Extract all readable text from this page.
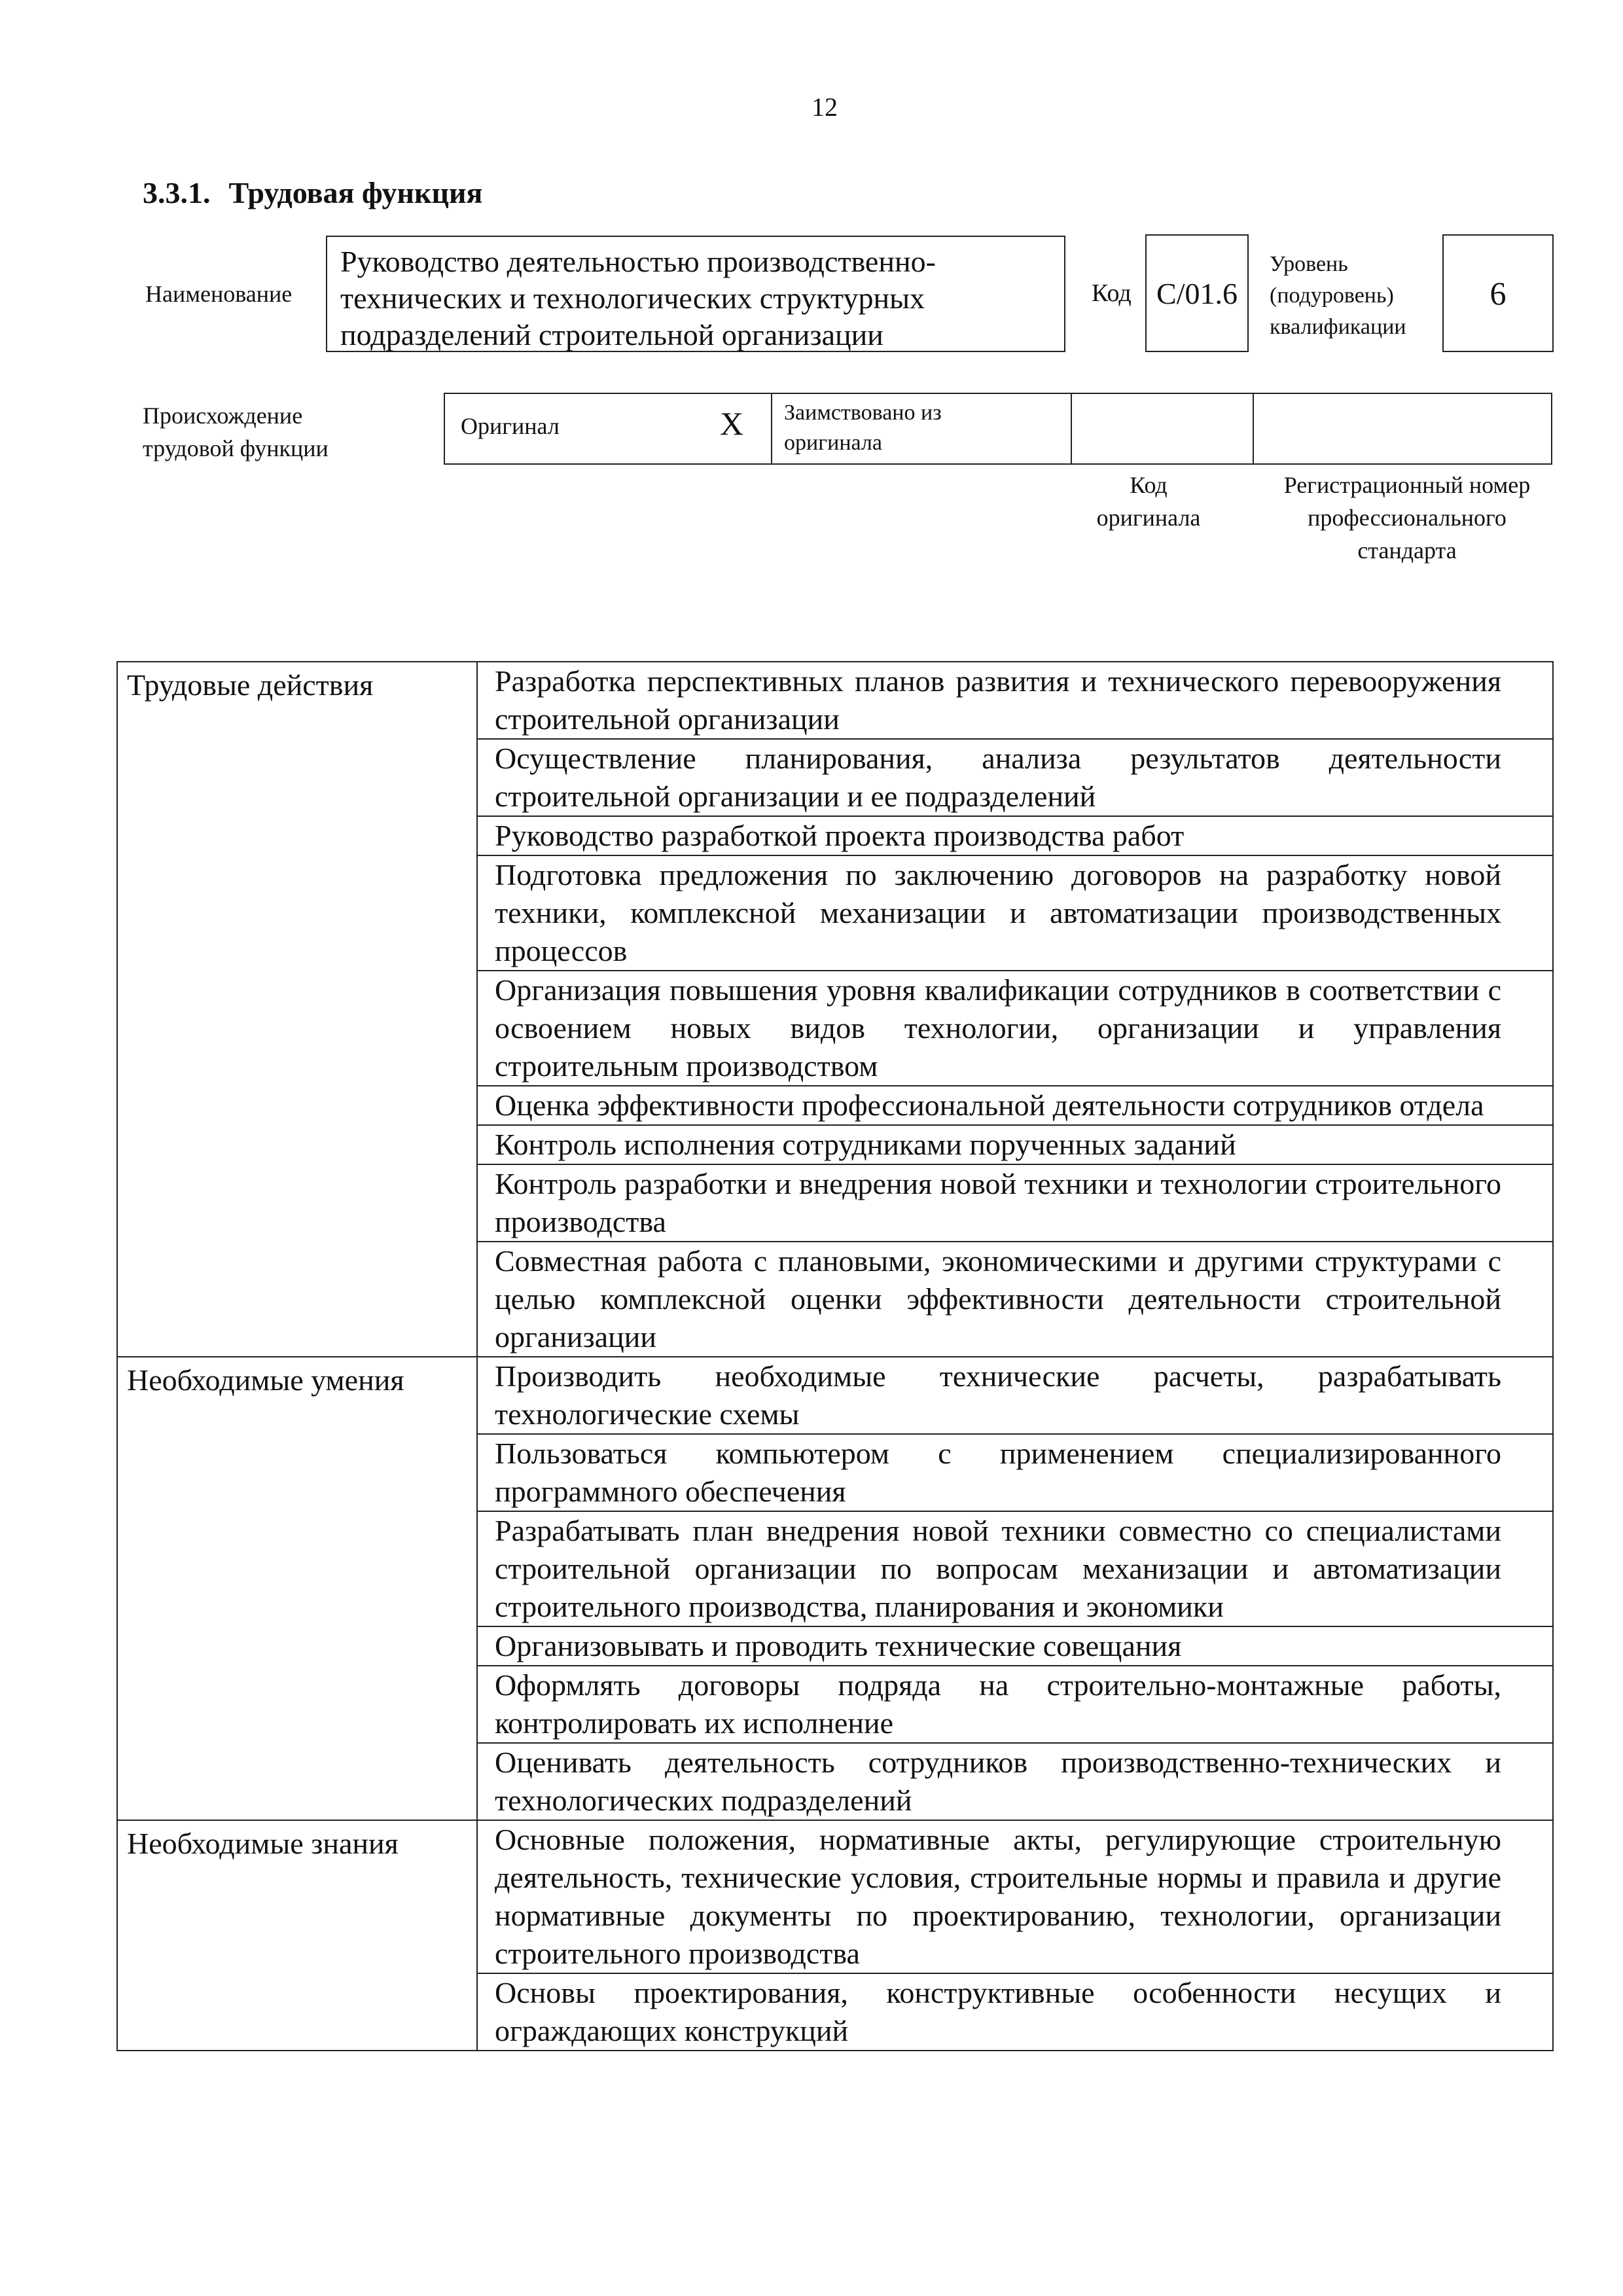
12
3.3.1. Трудовая функция
Наименование
Руководство деятельностью производственно-технических и технологических структурных подразделений строительной организации
Код C/01.6
Уровень (подуровень) квалификации
6
Происхождение трудовой функции
Оригинал	X Заимствовано из оригинала
Код оригинала
Регистрационный номер профессионального стандарта
Трудовые действия	Разработка перспективных планов развития и технического перевооружения строительной организации
	Осуществление планирования, анализа результатов деятельности строительной организации и ее подразделений
	Руководство разработкой проекта производства работ
	Подготовка предложения по заключению договоров на разработку новой техники, комплексной механизации и автоматизации производственных процессов
	Организация повышения уровня квалификации сотрудников в соответствии с освоением новых видов технологии, организации и управления строительным производством
	Оценка эффективности профессиональной деятельности сотрудников отдела
	Контроль исполнения сотрудниками порученных заданий
	Контроль разработки и внедрения новой техники и технологии строительного производства
	Совместная работа с плановыми, экономическими и другими структурами с целью комплексной оценки эффективности деятельности строительной организации
Необходимые умения	Производить необходимые технические расчеты, разрабатывать технологические схемы
	Пользоваться компьютером с применением специализированного программного обеспечения
	Разрабатывать план внедрения новой техники совместно со специалистами строительной организации по вопросам механизации и автоматизации строительного производства, планирования и экономики
	Организовывать и проводить технические совещания
	Оформлять договоры подряда на строительно-монтажные работы, контролировать их исполнение
	Оценивать деятельность сотрудников производственно-технических и технологических подразделений
Необходимые знания	Основные положения, нормативные акты, регулирующие строительную деятельность, технические условия, строительные нормы и правила и другие нормативные документы по проектированию, технологии, организации строительного производства
	Основы проектирования, конструктивные особенности несущих и ограждающих конструкций
